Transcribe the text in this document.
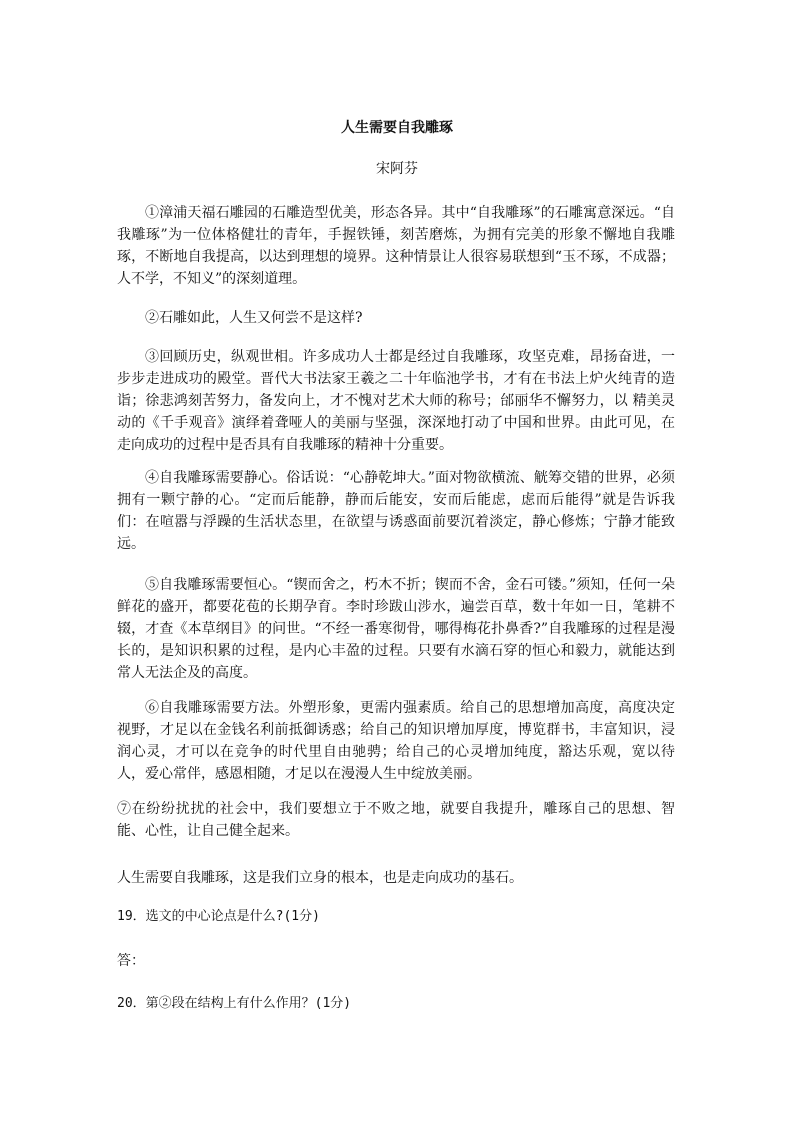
人生需要自我雕琢
宋阿芬

①漳浦天福石雕园的石雕造型优美，形态各异。其中“自我雕琢”的石雕寓意深远。“自我雕琢”为一位体格健壮的青年，手握铁锤，刻苦磨炼，为拥有完美的形象不懈地自我雕琢，不断地自我提高，以达到理想的境界。这种情景让人很容易联想到“玉不琢，不成器；人不学，不知义”的深刻道理。

②石雕如此，人生又何尝不是这样?

③回顾历史，纵观世相。许多成功人士都是经过自我雕琢，攻坚克难，昂扬奋进，一步步走进成功的殿堂。晋代大书法家王羲之二十年临池学书，才有在书法上炉火纯青的造诣；徐悲鸿刻苦努力，备发向上，才不愧对艺术大师的称号；邰丽华不懈努力，以 精美灵动的《千手观音》演绎着聋哑人的美丽与坚强，深深地打动了中国和世界。由此可见，在走向成功的过程中是否具有自我雕琢的精神十分重要。

④自我雕琢需要静心。俗话说：“心静乾坤大。”面对物欲横流、觥筹交错的世界，必须拥有一颗宁静的心。“定而后能静，静而后能安，安而后能虑，虑而后能得”就是告诉我们：在喧嚣与浮躁的生活状态里，在欲望与诱惑面前要沉着淡定，静心修炼；宁静才能致远。

⑤自我雕琢需要恒心。“锲而舍之，朽木不折；锲而不舍，金石可镂。”须知，任何一朵鲜花的盛开，都要花苞的长期孕育。李时珍跋山涉水，遍尝百草，数十年如一日，笔耕不辍，才查《本草纲目》的问世。“不经一番寒彻骨，哪得梅花扑鼻香?”自我雕琢的过程是漫长的，是知识积累的过程，是内心丰盈的过程。只要有水滴石穿的恒心和毅力，就能达到常人无法企及的高度。

⑥自我雕琢需要方法。外塑形象，更需内强素质。给自己的思想增加高度，高度决定视野，才足以在金钱名利前抵御诱惑；给自己的知识增加厚度，博览群书，丰富知识，浸润心灵，才可以在竞争的时代里自由驰骋；给自己的心灵增加纯度，豁达乐观，宽以待人，爱心常伴，感恩相随，才足以在漫漫人生中绽放美丽。

⑦在纷纷扰扰的社会中，我们要想立于不败之地，就要自我提升，雕琢自己的思想、智能、心性，让自己健全起来。

人生需要自我雕琢，这是我们立身的根本，也是走向成功的基石。

19．选文的中心论点是什么?(1分)

答：

20．第②段在结构上有什么作用？(1分)
